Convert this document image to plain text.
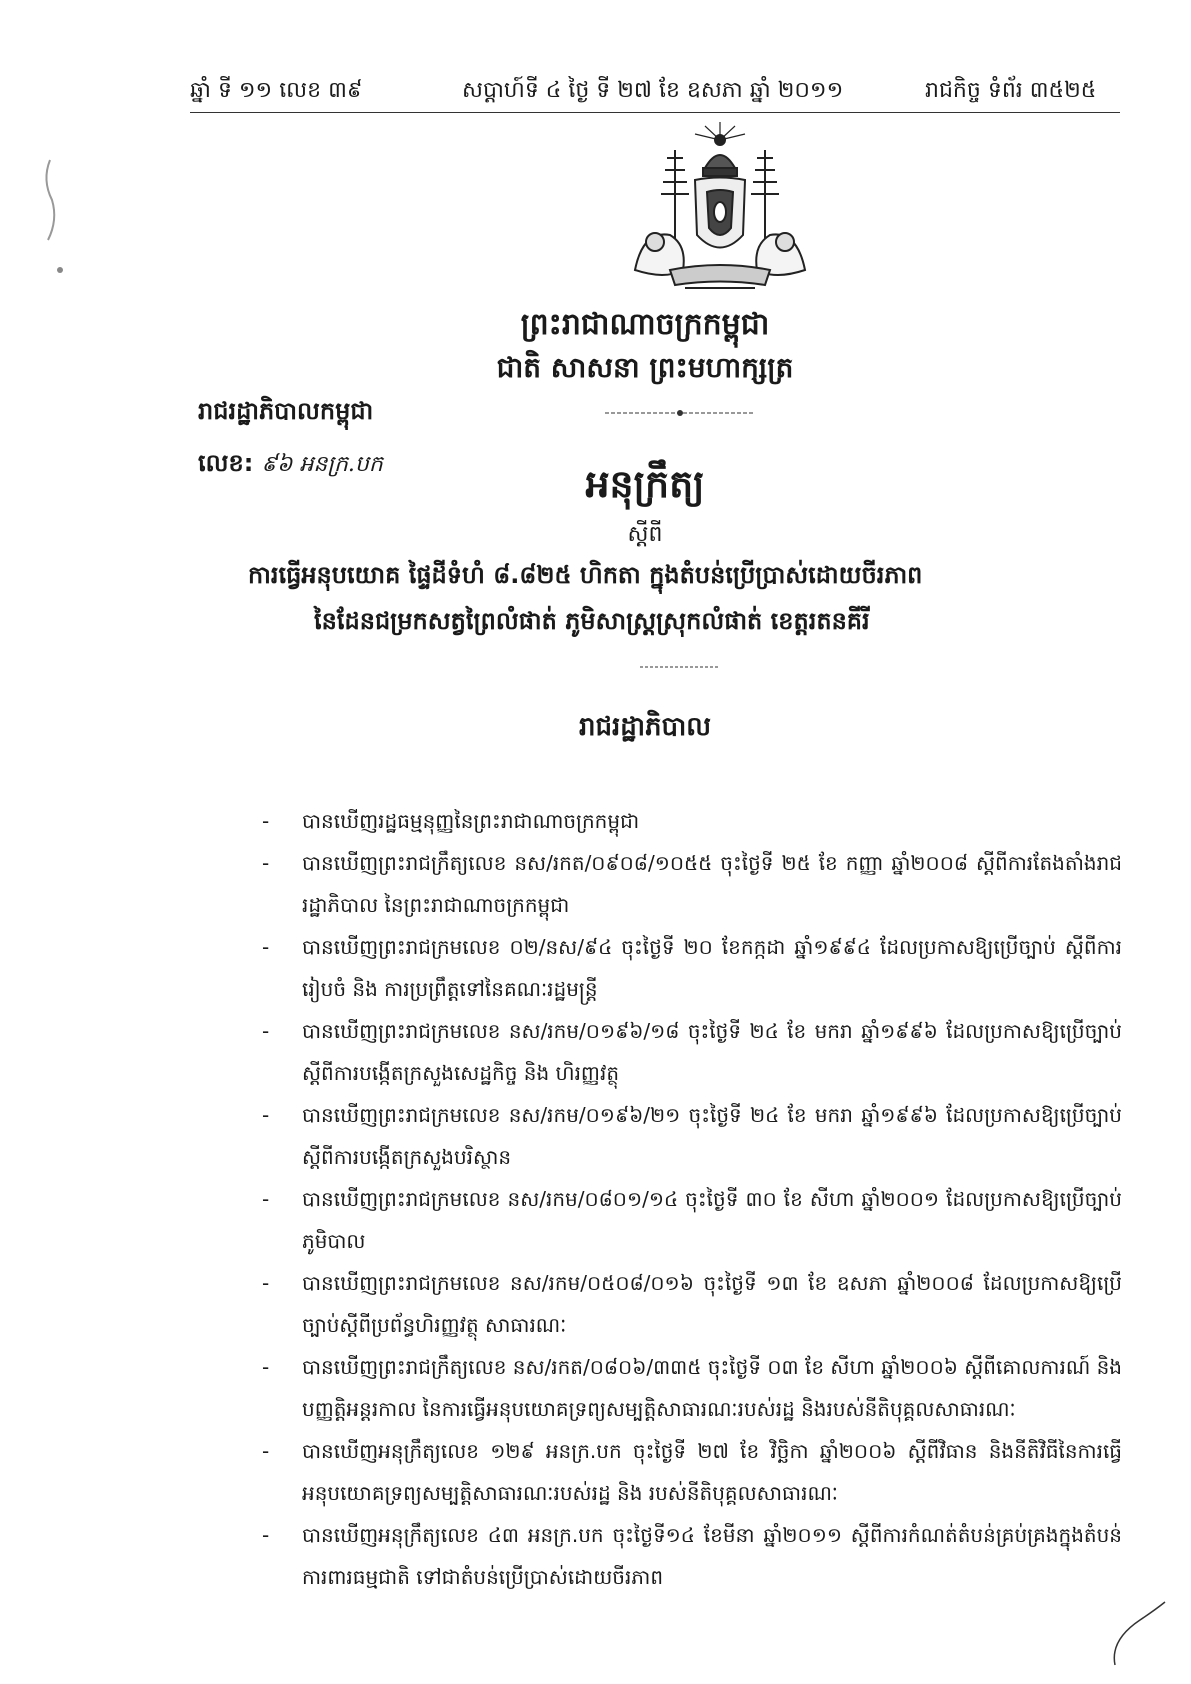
ឆ្នាំ ទី ១១ លេខ ៣៩	សប្ដាហ៍ទី ៤ ថ្ងៃ ទី ២៧ ខែ ឧសភា ឆ្នាំ ២០១១	រាជកិច្ច ទំព័រ ៣៥២៥
ព្រះរាជាណាចក្រកម្ពុជា
ជាតិ សាសនា ព្រះមហាក្សត្រ
រាជរដ្ឋាភិបាលកម្ពុជា
លេខ: ៩៦ អនក្រ.បក	អនុក្រឹត្យ
ស្ដីពី
ការធ្វើអនុបយោគ ផ្ទៃដីទំហំ ៨.៨២៥ ហិកតា ក្នុងតំបន់ប្រើប្រាស់ដោយចីរភាព
នៃដែនជម្រកសត្វព្រៃលំផាត់ ភូមិសាស្ត្រស្រុកលំផាត់ ខេត្តរតនគីរី
រាជរដ្ឋាភិបាល
- បានឃើញរដ្ឋធម្មនុញ្ញនៃព្រះរាជាណាចក្រកម្ពុជា
- បានឃើញព្រះរាជក្រឹត្យលេខ នស/រកត/០៩០៨/១០៥៥ ចុះថ្ងៃទី ២៥ ខែ កញ្ញា ឆ្នាំ២០០៨ ស្ដីពីការតែងតាំងរាជរដ្ឋាភិបាល នៃព្រះរាជាណាចក្រកម្ពុជា
- បានឃើញព្រះរាជក្រមលេខ ០២/នស/៩៤ ចុះថ្ងៃទី ២០ ខែកក្កដា ឆ្នាំ១៩៩៤ ដែលប្រកាសឱ្យប្រើច្បាប់ ស្ដីពីការរៀបចំ និង ការប្រព្រឹត្តទៅនៃគណៈរដ្ឋមន្ត្រី
- បានឃើញព្រះរាជក្រមលេខ នស/រកម/០១៩៦/១៨ ចុះថ្ងៃទី ២៤ ខែ មករា ឆ្នាំ១៩៩៦ ដែលប្រកាសឱ្យប្រើច្បាប់ស្ដីពីការបង្កើតក្រសួងសេដ្ឋកិច្ច និង ហិរញ្ញវត្ថុ
- បានឃើញព្រះរាជក្រមលេខ នស/រកម/០១៩៦/២១ ចុះថ្ងៃទី ២៤ ខែ មករា ឆ្នាំ១៩៩៦ ដែលប្រកាសឱ្យប្រើច្បាប់ស្ដីពីការបង្កើតក្រសួងបរិស្ថាន
- បានឃើញព្រះរាជក្រមលេខ នស/រកម/០៨០១/១៤ ចុះថ្ងៃទី ៣០ ខែ សីហា ឆ្នាំ២០០១ ដែលប្រកាសឱ្យប្រើច្បាប់ភូមិបាល
- បានឃើញព្រះរាជក្រមលេខ នស/រកម/០៥០៨/០១៦ ចុះថ្ងៃទី ១៣ ខែ ឧសភា ឆ្នាំ២០០៨ ដែលប្រកាសឱ្យប្រើច្បាប់ស្ដីពីប្រព័ន្ធហិរញ្ញវត្ថុ សាធារណៈ
- បានឃើញព្រះរាជក្រឹត្យលេខ នស/រកត/០៨០៦/៣៣៥ ចុះថ្ងៃទី ០៣ ខែ សីហា ឆ្នាំ២០០៦ ស្ដីពីគោលការណ៍ និងបញ្ញត្តិអន្តរកាល នៃការធ្វើអនុបយោគទ្រព្យសម្បត្តិសាធារណៈរបស់រដ្ឋ និងរបស់នីតិបុគ្គលសាធារណៈ
- បានឃើញអនុក្រឹត្យលេខ ១២៩ អនក្រ.បក ចុះថ្ងៃទី ២៧ ខែ វិច្ឆិកា ឆ្នាំ២០០៦ ស្ដីពីវិធាន និងនីតិវិធីនៃការធ្វើអនុបយោគទ្រព្យសម្បត្តិសាធារណៈរបស់រដ្ឋ និង របស់នីតិបុគ្គលសាធារណៈ
- បានឃើញអនុក្រឹត្យលេខ ៤៣ អនក្រ.បក ចុះថ្ងៃទី១៤ ខែមីនា ឆ្នាំ២០១១ ស្ដីពីការកំណត់តំបន់គ្រប់គ្រងក្នុងតំបន់ការពារធម្មជាតិ ទៅជាតំបន់ប្រើប្រាស់ដោយចីរភាព
